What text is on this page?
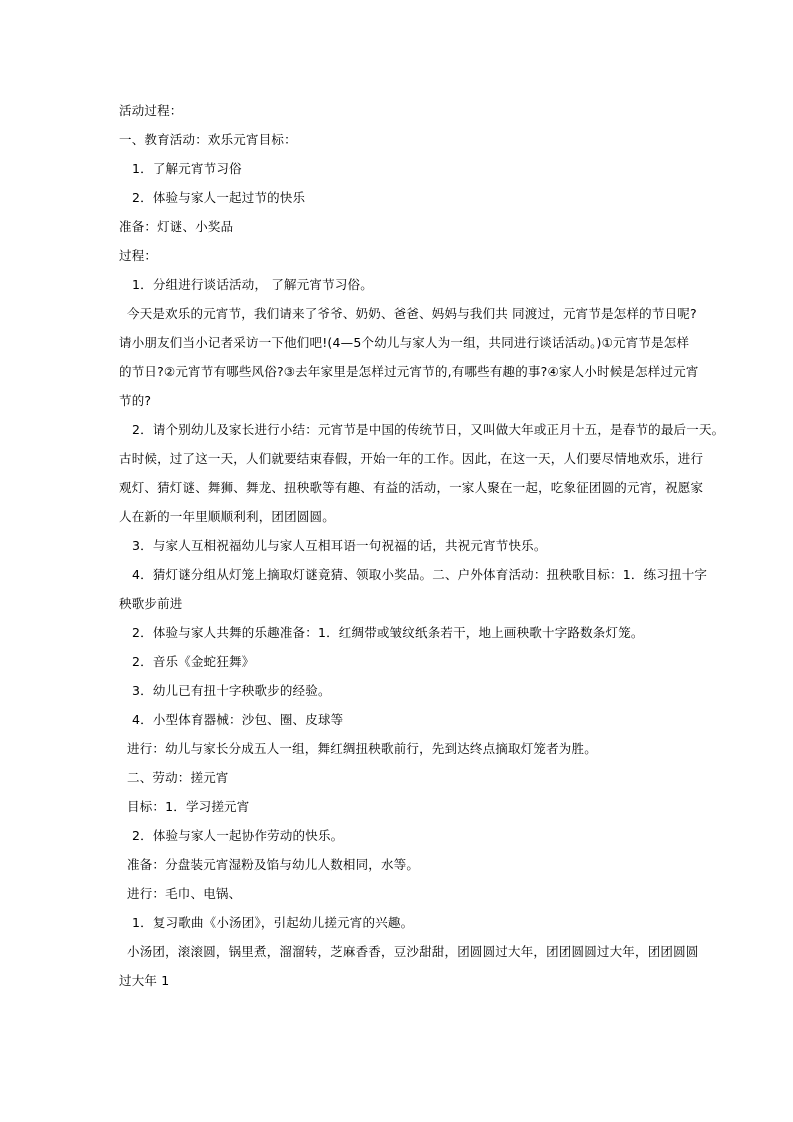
活动过程：
一、教育活动：欢乐元宵目标：
1．了解元宵节习俗
2．体验与家人一起过节的快乐
准备：灯谜、小奖品
过程：
1．分组进行谈话活动， 了解元宵节习俗。
今天是欢乐的元宵节，我们请来了爷爷、奶奶、爸爸、妈妈与我们共 同渡过，元宵节是怎样的节日呢?
请小朋友们当小记者采访一下他们吧!(4—5个幼儿与家人为一组，共同进行谈话活动。)①元宵节是怎样
的节日?②元宵节有哪些风俗?③去年家里是怎样过元宵节的,有哪些有趣的事?④家人小时候是怎样过元宵
节的?
2．请个别幼儿及家长进行小结：元宵节是中国的传统节日，又叫做大年或正月十五，是春节的最后一天。
古时候，过了这一天，人们就要结束春假，开始一年的工作。因此，在这一天，人们要尽情地欢乐，进行
观灯、猜灯谜、舞狮、舞龙、扭秧歌等有趣、有益的活动，一家人聚在一起，吃象征团圆的元宵，祝愿家
人在新的一年里顺顺利利，团团圆圆。
3．与家人互相祝福幼儿与家人互相耳语一句祝福的话，共祝元宵节快乐。
4．猜灯谜分组从灯笼上摘取灯谜竟猜、领取小奖品。二、户外体育活动：扭秧歌目标：1．练习扭十字
秧歌步前进
2．体验与家人共舞的乐趣准备：1．红绸带或皱纹纸条若干，地上画秧歌十字路数条灯笼。
2．音乐《金蛇狂舞》
3．幼儿已有扭十字秧歌步的经验。
4．小型体育器械：沙包、圈、皮球等
进行：幼儿与家长分成五人一组，舞红绸扭秧歌前行，先到达终点摘取灯笼者为胜。
二、劳动：搓元宵
目标：1．学习搓元宵
2．体验与家人一起协作劳动的快乐。
准备：分盘装元宵湿粉及馅与幼儿人数相同，水等。
进行：毛巾、电锅、
1．复习歌曲《小汤团》，引起幼儿搓元宵的兴趣。
小汤团，滚滚圆，锅里煮，溜溜转，芝麻香香，豆沙甜甜，团圆圆过大年，团团圆圆过大年，团团圆圆
过大年 1
